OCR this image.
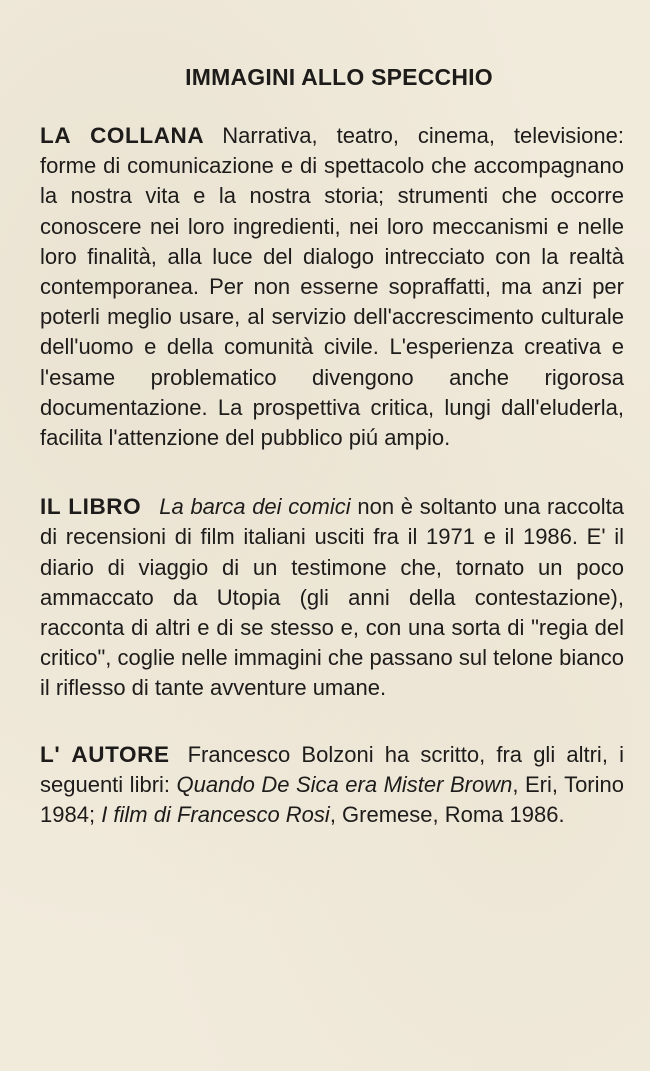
IMMAGINI ALLO SPECCHIO

LA COLLANA Narrativa, teatro, cinema, televisione: forme di comunicazione e di spettacolo che accompagnano la nostra vita e la nostra storia; strumenti che occorre conoscere nei loro ingredienti, nei loro meccanismi e nelle loro finalità, alla luce del dialogo intrecciato con la realtà contemporanea. Per non esserne sopraffatti, ma anzi per poterli meglio usare, al servizio dell'accrescimento culturale dell'uomo e della comunità civile. L'esperienza creativa e l'esame problematico divengono anche rigorosa documentazione. La prospettiva critica, lungi dall'eluderla, facilita l'attenzione del pubblico piú ampio.

IL LIBRO La barca dei comici non è soltanto una raccolta di recensioni di film italiani usciti fra il 1971 e il 1986. E' il diario di viaggio di un testimone che, tornato un poco ammaccato da Utopia (gli anni della contestazione), racconta di altri e di se stesso e, con una sorta di "regia del critico", coglie nelle immagini che passano sul telone bianco il riflesso di tante avventure umane.

L' AUTORE Francesco Bolzoni ha scritto, fra gli altri, i seguenti libri: Quando De Sica era Mister Brown, Eri, Torino 1984; I film di Francesco Rosi, Gremese, Roma 1986.
